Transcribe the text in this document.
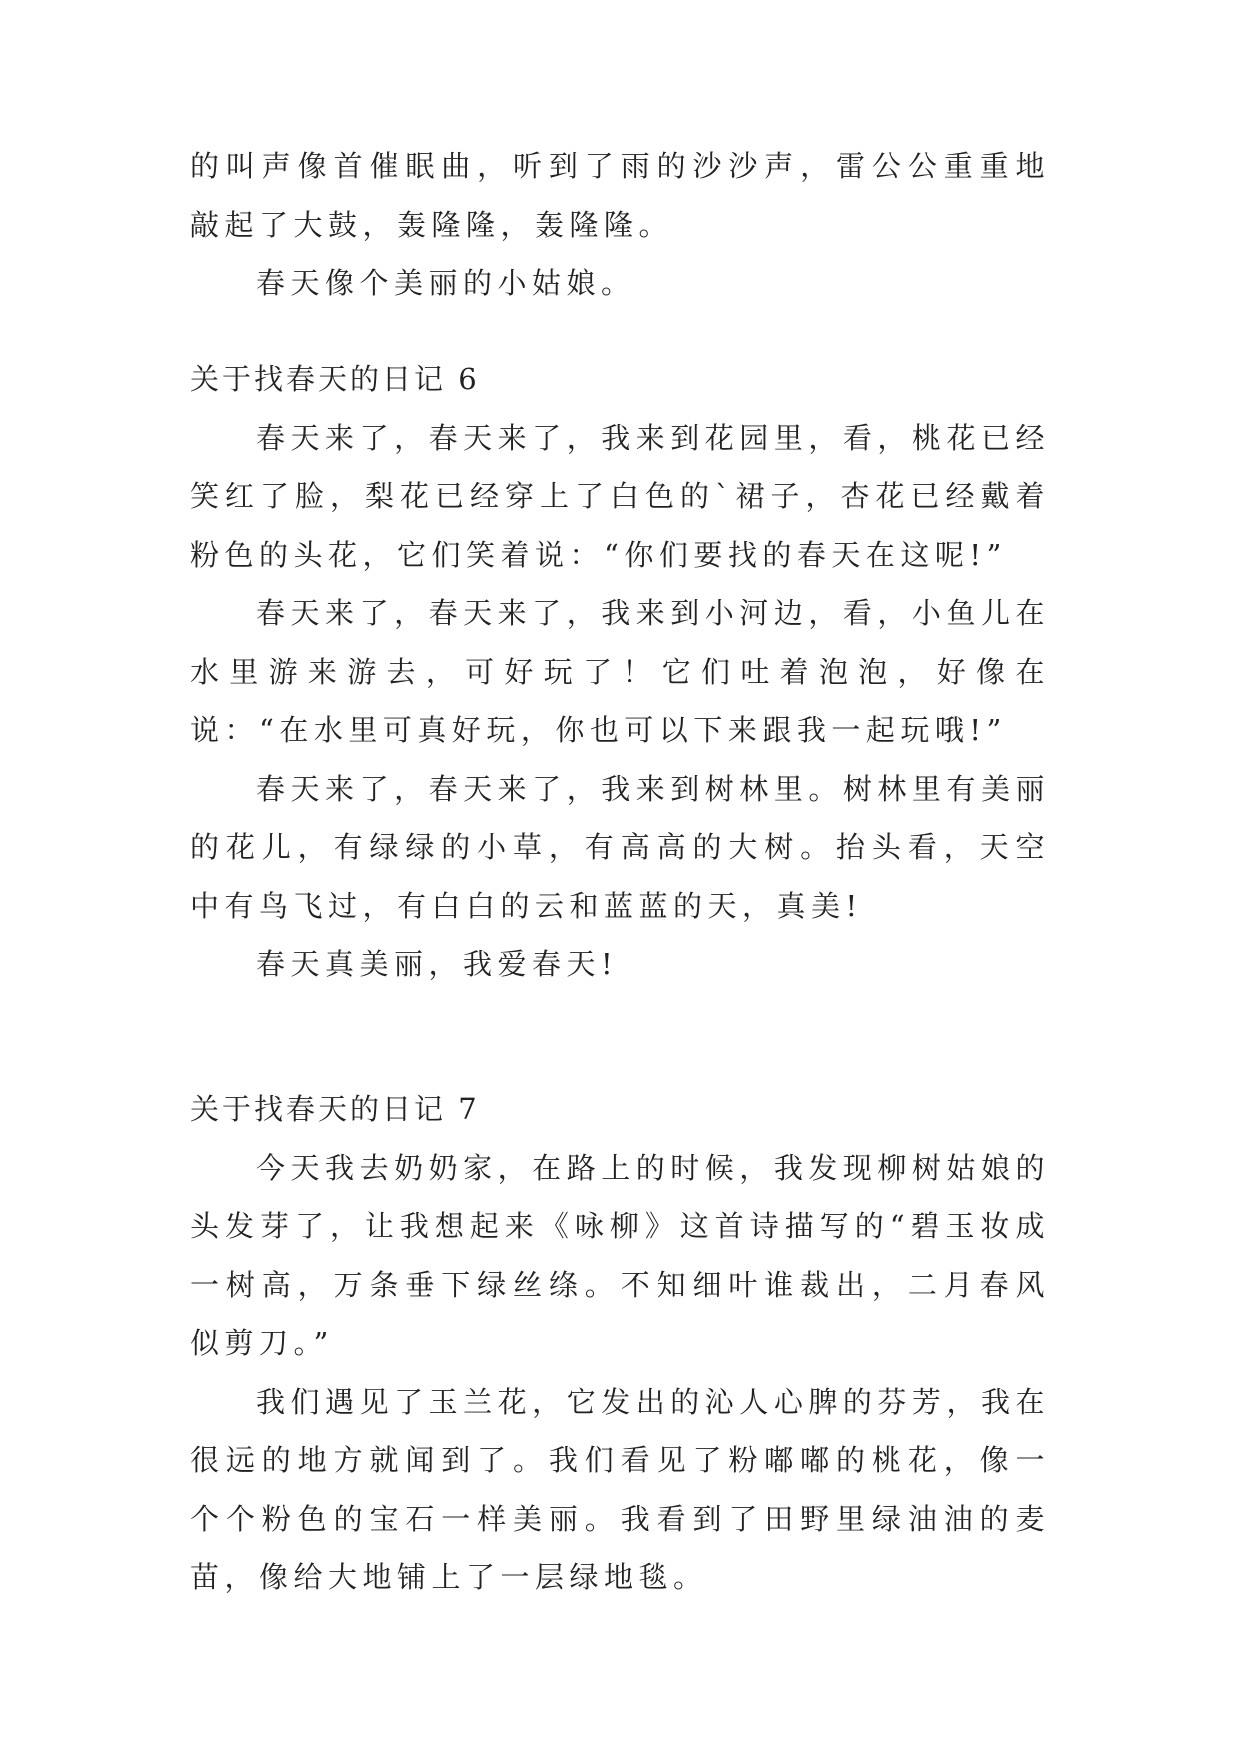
的叫声像首催眠曲，听到了雨的沙沙声，雷公公重重地敲起了大鼓，轰隆隆，轰隆隆。

春天像个美丽的小姑娘。

关于找春天的日记 6

春天来了，春天来了，我来到花园里，看，桃花已经笑红了脸，梨花已经穿上了白色的`裙子，杏花已经戴着粉色的头花，它们笑着说：“你们要找的春天在这呢!”

春天来了，春天来了，我来到小河边，看，小鱼儿在水里游来游去，可好玩了！它们吐着泡泡，好像在说：“在水里可真好玩，你也可以下来跟我一起玩哦!”

春天来了，春天来了，我来到树林里。树林里有美丽的花儿，有绿绿的小草，有高高的大树。抬头看，天空中有鸟飞过，有白白的云和蓝蓝的天，真美!

春天真美丽，我爱春天!

关于找春天的日记 7

今天我去奶奶家，在路上的时候，我发现柳树姑娘的头发芽了，让我想起来《咏柳》这首诗描写的“碧玉妆成一树高，万条垂下绿丝绦。不知细叶谁裁出，二月春风似剪刀。”

我们遇见了玉兰花，它发出的沁人心脾的芬芳，我在很远的地方就闻到了。我们看见了粉嘟嘟的桃花，像一个个粉色的宝石一样美丽。我看到了田野里绿油油的麦苗，像给大地铺上了一层绿地毯。
